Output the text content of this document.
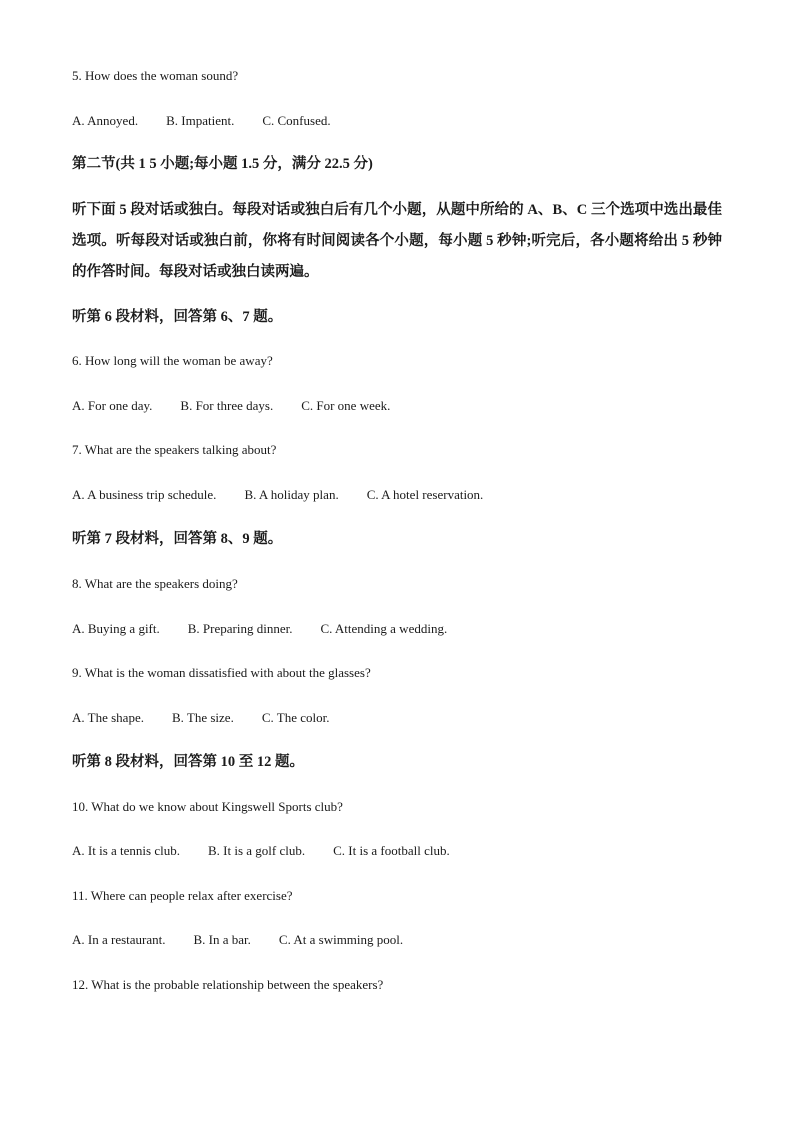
5. How does the woman sound?
A. Annoyed. B. Impatient. C. Confused.
第二节(共 1 5 小题;每小题 1.5 分，满分 22.5 分)
听下面 5 段对话或独白。每段对话或独白后有几个小题，从题中所给的 A、B、C 三个选项中选出最佳选项。听每段对话或独白前，你将有时间阅读各个小题，每小题 5 秒钟;听完后，各小题将给出 5 秒钟的作答时间。每段对话或独白读两遍。
听第 6 段材料，回答第 6、7 题。
6. How long will the woman be away?
A. For one day. B. For three days. C. For one week.
7. What are the speakers talking about?
A. A business trip schedule. B. A holiday plan. C. A hotel reservation.
听第 7 段材料，回答第 8、9 题。
8. What are the speakers doing?
A. Buying a gift. B. Preparing dinner. C. Attending a wedding.
9. What is the woman dissatisfied with about the glasses?
A. The shape. B. The size. C. The color.
听第 8 段材料，回答第 10 至 12 题。
10. What do we know about Kingswell Sports club?
A. It is a tennis club. B. It is a golf club. C. It is a football club.
11. Where can people relax after exercise?
A. In a restaurant. B. In a bar. C. At a swimming pool.
12. What is the probable relationship between the speakers?
